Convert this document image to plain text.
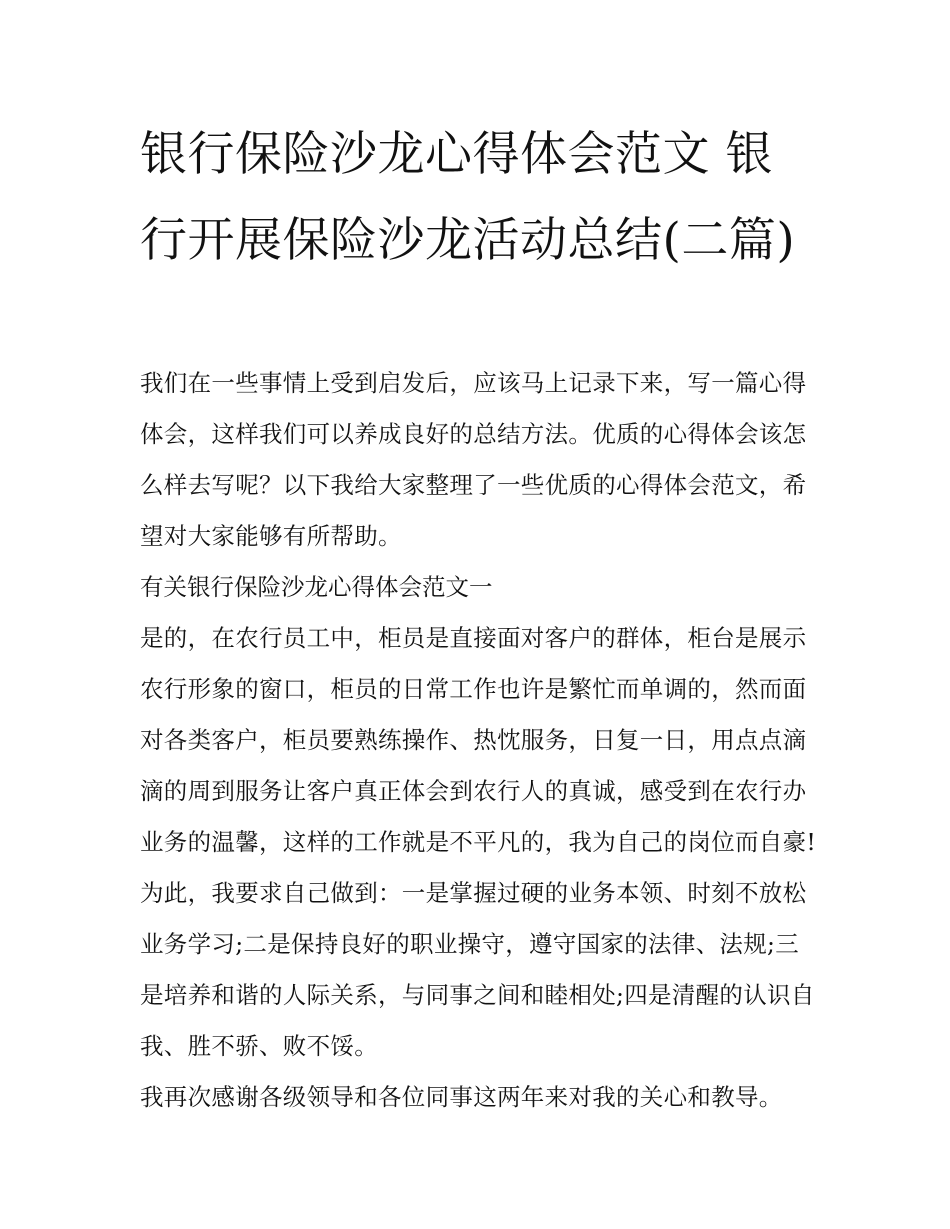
银行保险沙龙心得体会范文 银行开展保险沙龙活动总结(二篇)

我们在一些事情上受到启发后，应该马上记录下来，写一篇心得体会，这样我们可以养成良好的总结方法。优质的心得体会该怎么样去写呢？以下我给大家整理了一些优质的心得体会范文，希望对大家能够有所帮助。

有关银行保险沙龙心得体会范文一

是的，在农行员工中，柜员是直接面对客户的群体，柜台是展示农行形象的窗口，柜员的日常工作也许是繁忙而单调的，然而面对各类客户，柜员要熟练操作、热忱服务，日复一日，用点点滴滴的周到服务让客户真正体会到农行人的真诚，感受到在农行办业务的温馨，这样的工作就是不平凡的，我为自己的岗位而自豪!为此，我要求自己做到：一是掌握过硬的业务本领、时刻不放松业务学习;二是保持良好的职业操守，遵守国家的法律、法规;三是培养和谐的人际关系，与同事之间和睦相处;四是清醒的认识自我、胜不骄、败不馁。

我再次感谢各级领导和各位同事这两年来对我的关心和教导。
